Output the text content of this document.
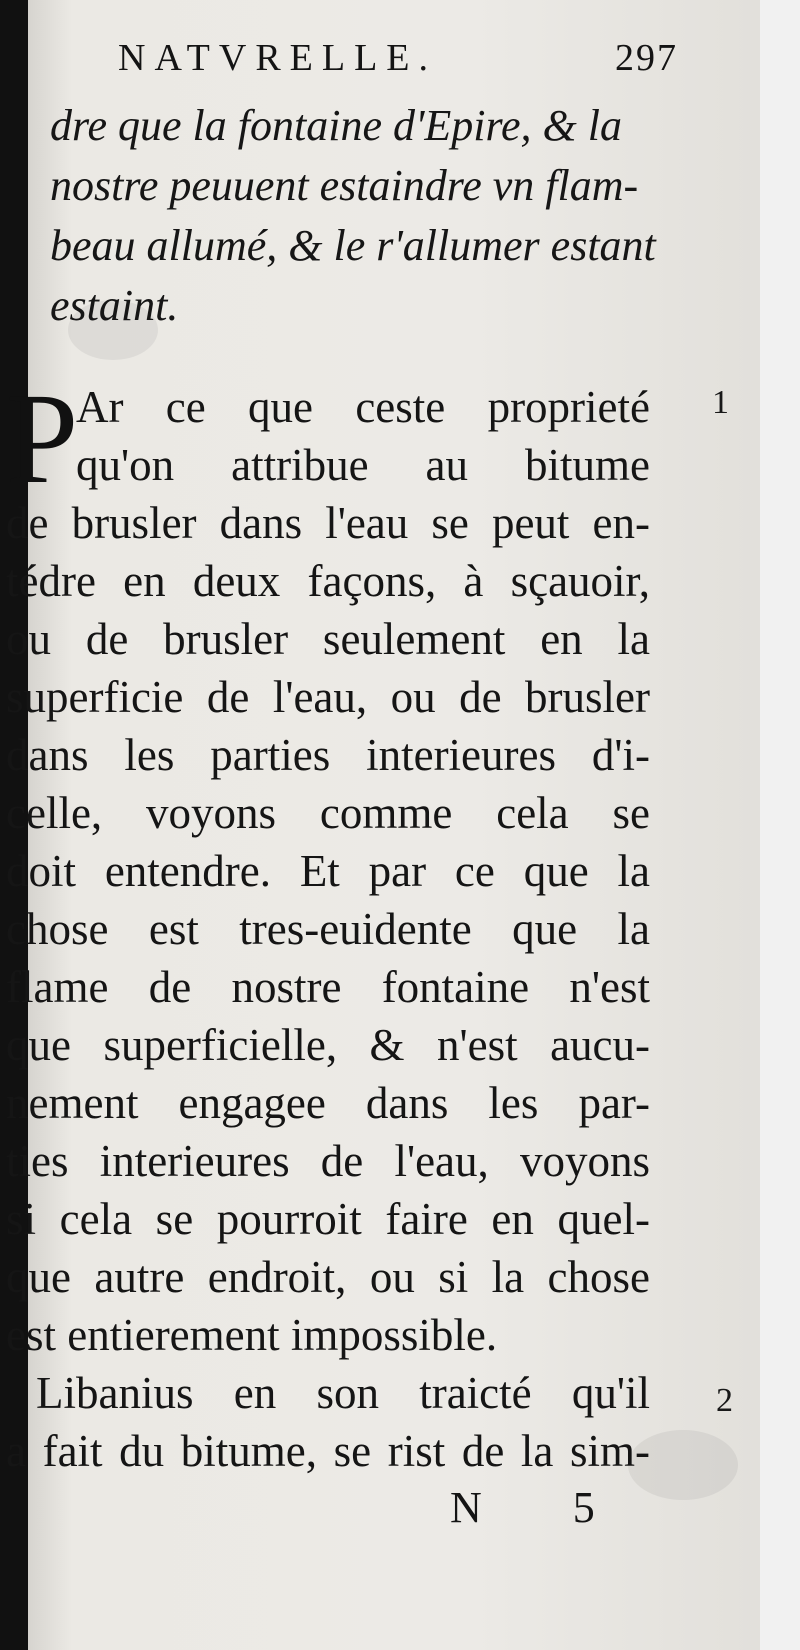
NATVRELLE.	297
dre que la fontaine d'Epire, & la
nostre peuuent estaindre vn flam-
beau allumé, & le r'allumer estant
estaint.
P
Ar ce que ceste proprieté
qu'on attribue au bitume
de brusler dans l'eau se peut en-
tédre en deux façons, à sçauoir,
ou de brusler seulement en la
superficie de l'eau, ou de brusler
dans les parties interieures d'i-
celle, voyons comme cela se
doit entendre. Et par ce que la
chose est tres-euidente que la
flame de nostre fontaine n'est
que superficielle, & n'est aucu-
nement engagee dans les par-
ties interieures de l'eau, voyons
si cela se pourroit faire en quel-
que autre endroit, ou si la chose
est entierement impossible.
Libanius en son traicté qu'il
a fait du bitume, se rist de la sim-
1
2
N 5
